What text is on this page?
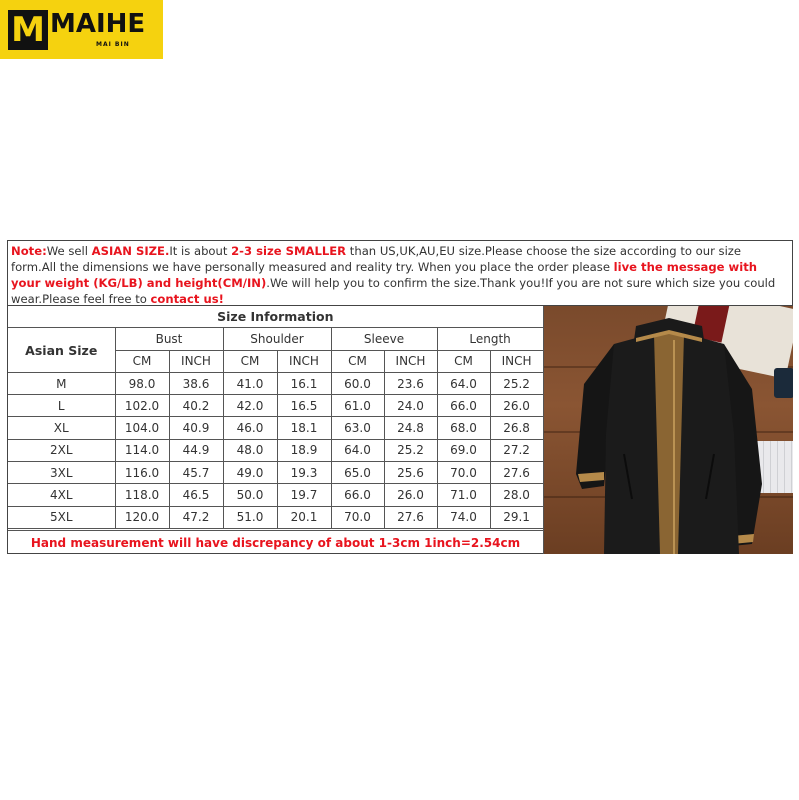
M MAIHE
MAI BIN
Note:We sell ASIAN SIZE.It is about 2-3 size SMALLER than US,UK,AU,EU size.Please choose the size according to our size form.All the dimensions we have personally measured and reality try. When you place the order please live the message with your weight (KG/LB) and height(CM/IN).We will help you to confirm the size.Thank you!If you are not sure which size you could wear.Please feel free to contact us!
Size Information								
Asian Size	Bust		Shoulder		Sleeve		Length	
	CM	INCH	CM	INCH	CM	INCH	CM	INCH
M	98.0	38.6	41.0	16.1	60.0	23.6	64.0	25.2
L	102.0	40.2	42.0	16.5	61.0	24.0	66.0	26.0
XL	104.0	40.9	46.0	18.1	63.0	24.8	68.0	26.8
2XL	114.0	44.9	48.0	18.9	64.0	25.2	69.0	27.2
3XL	116.0	45.7	49.0	19.3	65.0	25.6	70.0	27.6
4XL	118.0	46.5	50.0	19.7	66.0	26.0	71.0	28.0
5XL	120.0	47.2	51.0	20.1	70.0	27.6	74.0	29.1
Hand measurement will have discrepancy of about 1-3cm 1inch=2.54cm
